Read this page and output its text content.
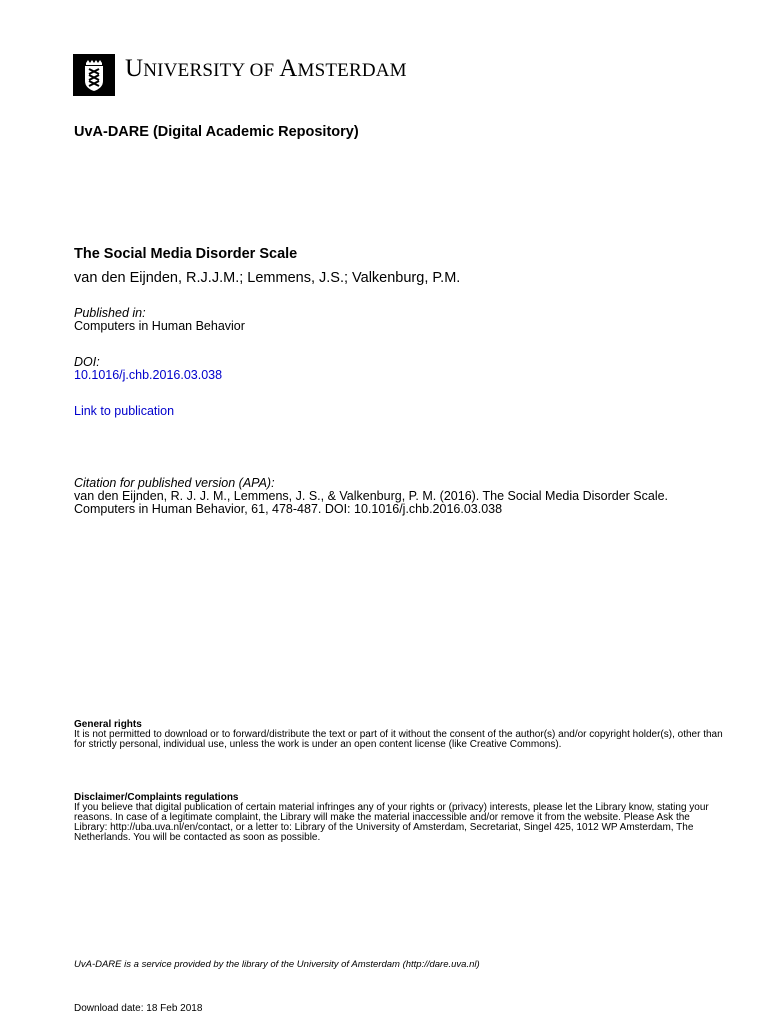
UNIVERSITY OF AMSTERDAM
UvA-DARE (Digital Academic Repository)
The Social Media Disorder Scale
van den Eijnden, R.J.J.M.; Lemmens, J.S.; Valkenburg, P.M.
Published in:
Computers in Human Behavior
DOI:
10.1016/j.chb.2016.03.038
Link to publication
Citation for published version (APA):
van den Eijnden, R. J. J. M., Lemmens, J. S., & Valkenburg, P. M. (2016). The Social Media Disorder Scale.
Computers in Human Behavior, 61, 478-487. DOI: 10.1016/j.chb.2016.03.038
General rights
It is not permitted to download or to forward/distribute the text or part of it without the consent of the author(s) and/or copyright holder(s), other than for strictly personal, individual use, unless the work is under an open content license (like Creative Commons).
Disclaimer/Complaints regulations
If you believe that digital publication of certain material infringes any of your rights or (privacy) interests, please let the Library know, stating your reasons. In case of a legitimate complaint, the Library will make the material inaccessible and/or remove it from the website. Please Ask the Library: http://uba.uva.nl/en/contact, or a letter to: Library of the University of Amsterdam, Secretariat, Singel 425, 1012 WP Amsterdam, The Netherlands. You will be contacted as soon as possible.
UvA-DARE is a service provided by the library of the University of Amsterdam (http://dare.uva.nl)
Download date: 18 Feb 2018
